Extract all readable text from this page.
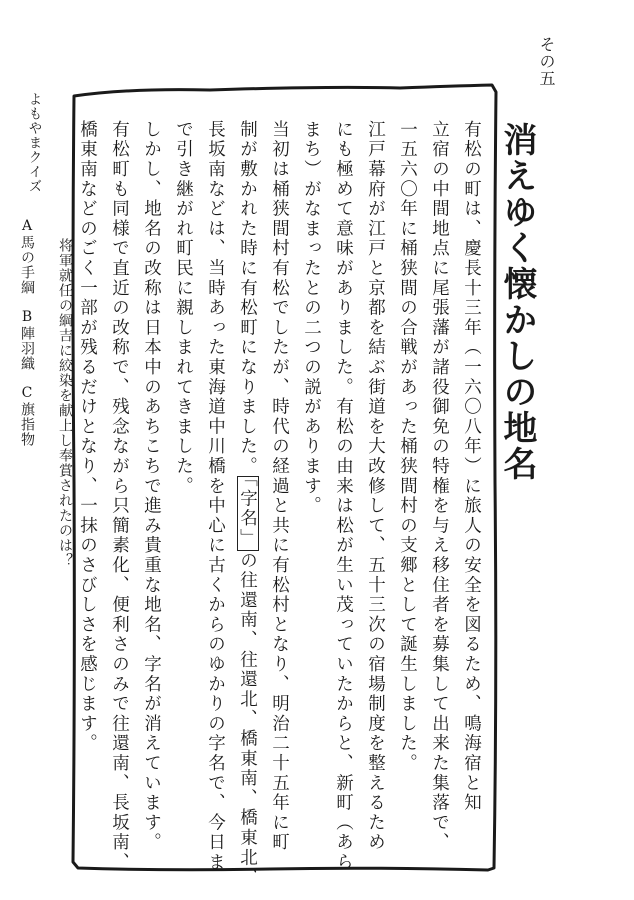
その五
消えゆく懐かしの地名
有松の町は、慶長十三年（一六〇八年）に旅人の安全を図るため、鳴海宿と知
立宿の中間地点に尾張藩が諸役御免の特権を与え移住者を募集して出来た集落で、
一五六〇年に桶狭間の合戦があった桶狭間村の支郷として誕生しました。
江戸幕府が江戸と京都を結ぶ街道を大改修して、五十三次の宿場制度を整えるため
にも極めて意味がありました。有松の由来は松が生い茂っていたからと、新町（あら
まち）がなまったとの二つの説があります。
当初は桶狭間村有松でしたが、時代の経過と共に有松村となり、明治二十五年に町
制が敷かれた時に有松町になりました。「字名」の往還南、往還北、橋東南、橋東北、
長坂南などは、当時あった東海道中川橋を中心に古くからのゆかりの字名で、今日ま
で引き継がれ町民に親しまれてきました。
しかし、地名の改称は日本中のあちこちで進み貴重な地名、字名が消えています。
有松町も同様で直近の改称で、残念ながら只簡素化、便利さのみで往還南、長坂南、
橋東南などのごく一部が残るだけとなり、一抹のさびしさを感じます。
よもやまクイズ
将軍就任の綱吉に絞染を献上し奉賞されたのは？
A馬の手綱B陣羽織C旗指物
